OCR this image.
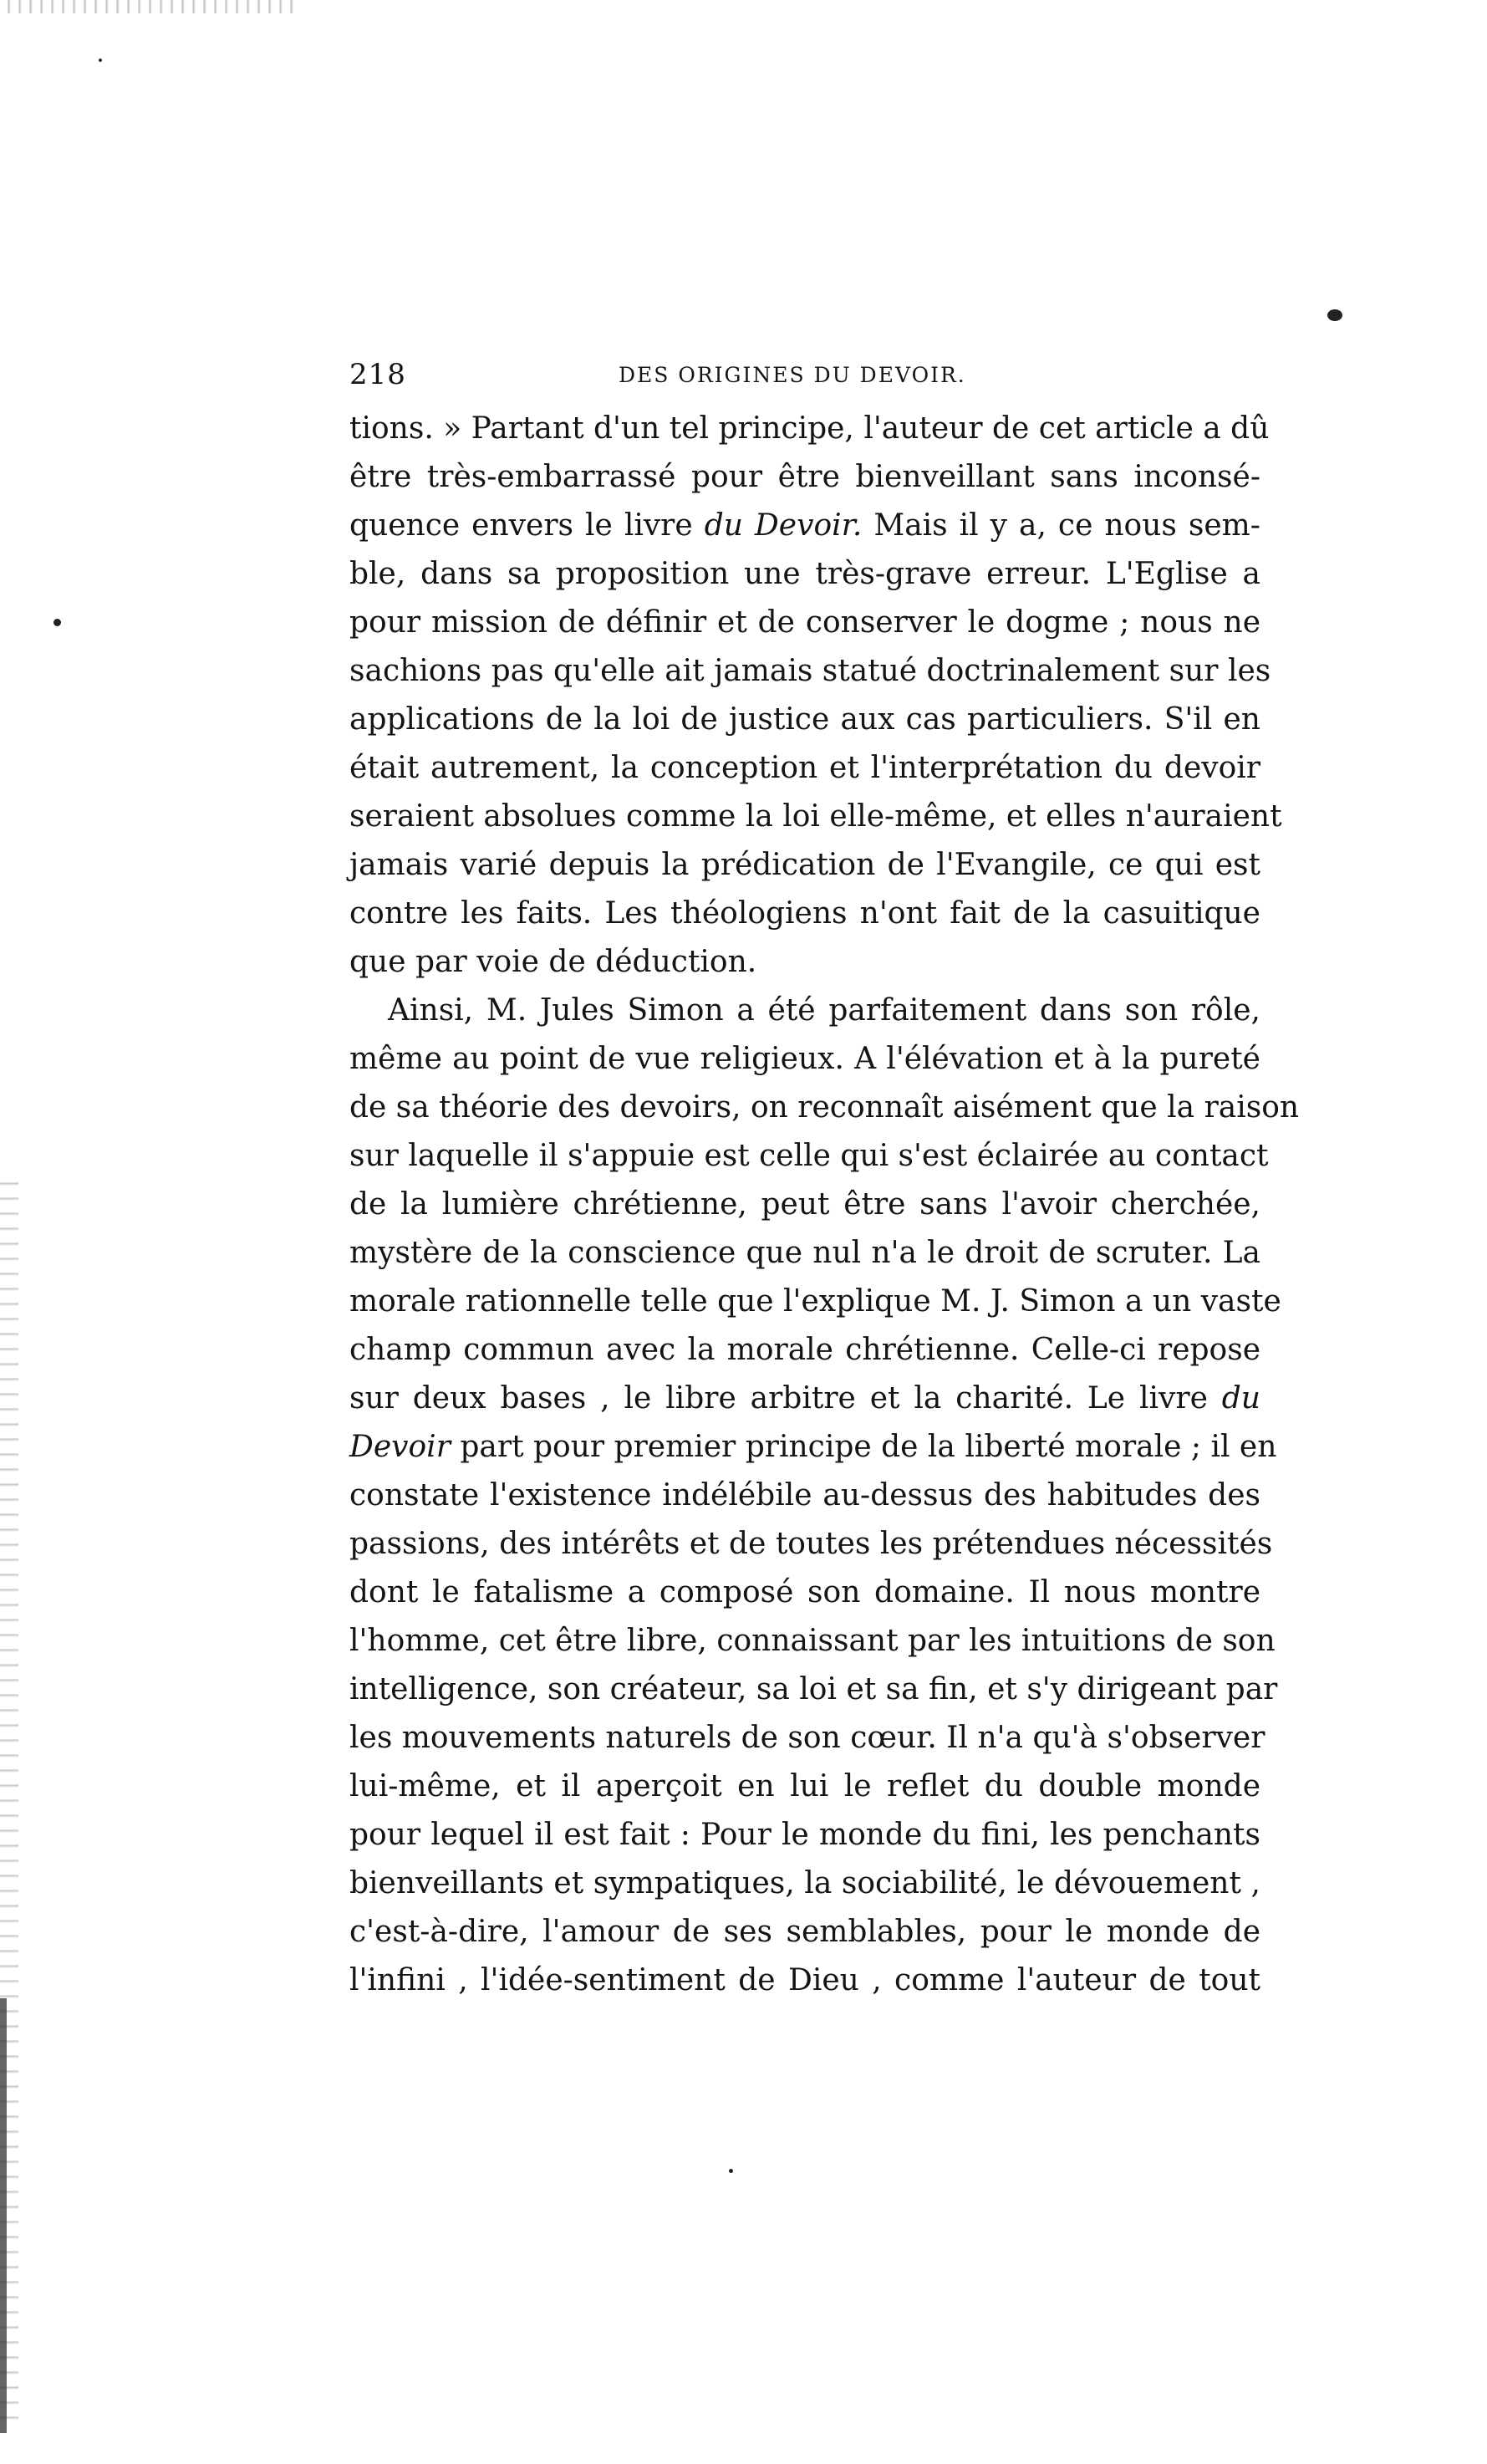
218	DES ORIGINES DU DEVOIR.
tions. » Partant d'un tel principe, l'auteur de cet article a dû
être très-embarrassé pour être bienveillant sans inconsé-
quence envers le livre du Devoir. Mais il y a, ce nous sem-
ble, dans sa proposition une très-grave erreur. L'Eglise a
pour mission de définir et de conserver le dogme ; nous ne
sachions pas qu'elle ait jamais statué doctrinalement sur les
applications de la loi de justice aux cas particuliers. S'il en
était autrement, la conception et l'interprétation du devoir
seraient absolues comme la loi elle-même, et elles n'auraient
jamais varié depuis la prédication de l'Evangile, ce qui est
contre les faits. Les théologiens n'ont fait de la casuitique
que par voie de déduction.
Ainsi, M. Jules Simon a été parfaitement dans son rôle,
même au point de vue religieux. A l'élévation et à la pureté
de sa théorie des devoirs, on reconnaît aisément que la raison
sur laquelle il s'appuie est celle qui s'est éclairée au contact
de la lumière chrétienne, peut être sans l'avoir cherchée,
mystère de la conscience que nul n'a le droit de scruter. La
morale rationnelle telle que l'explique M. J. Simon a un vaste
champ commun avec la morale chrétienne. Celle-ci repose
sur deux bases , le libre arbitre et la charité. Le livre du
Devoir part pour premier principe de la liberté morale ; il en
constate l'existence indélébile au-dessus des habitudes des
passions, des intérêts et de toutes les prétendues nécessités
dont le fatalisme a composé son domaine. Il nous montre
l'homme, cet être libre, connaissant par les intuitions de son
intelligence, son créateur, sa loi et sa fin, et s'y dirigeant par
les mouvements naturels de son cœur. Il n'a qu'à s'observer
lui-même, et il aperçoit en lui le reflet du double monde
pour lequel il est fait : Pour le monde du fini, les penchants
bienveillants et sympatiques, la sociabilité, le dévouement ,
c'est-à-dire, l'amour de ses semblables, pour le monde de
l'infini , l'idée-sentiment de Dieu , comme l'auteur de tout
